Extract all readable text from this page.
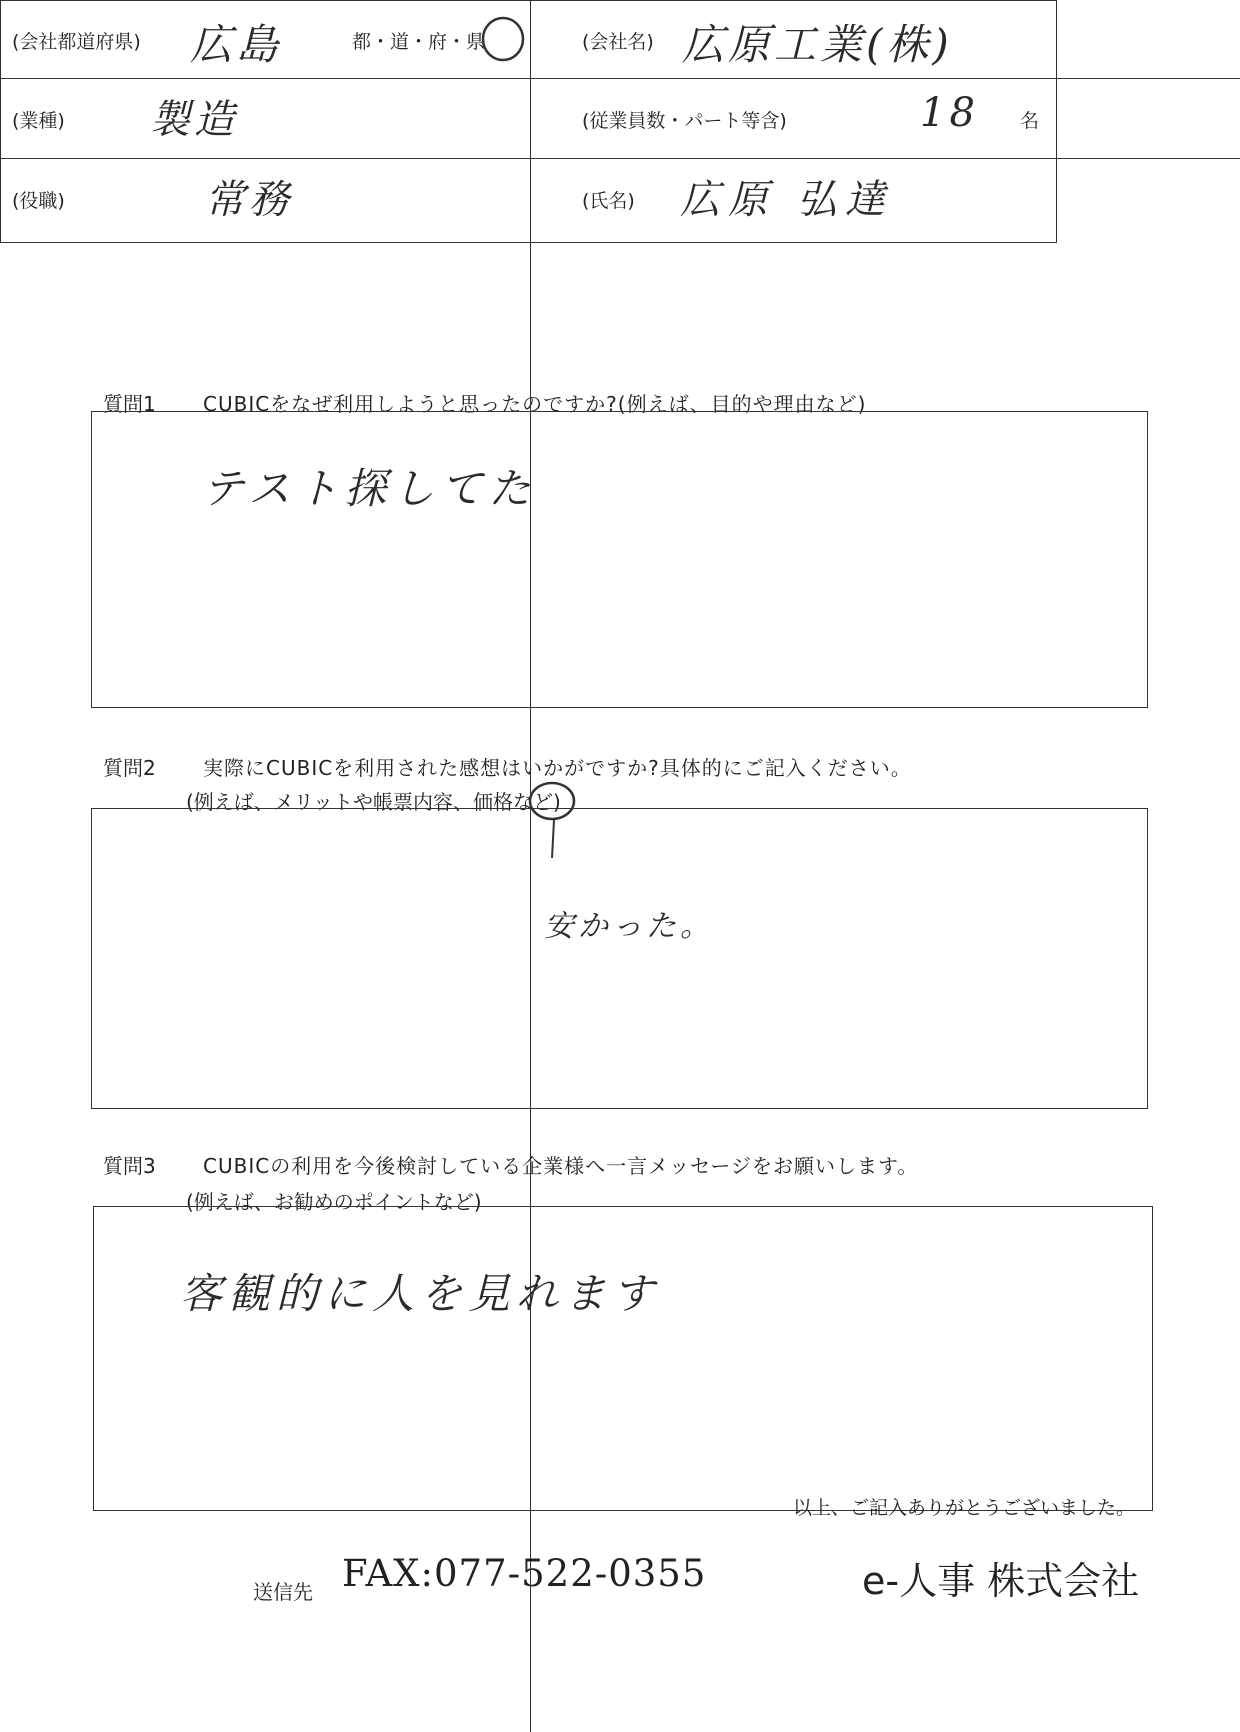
(会社都道府県) 広島	都・道・府・県	(会社名) 広原工業(株)
(業種) 製造	(従業員数・パート等含)	18 名
(役職)	常務	(氏名) 広原 弘達
質問1 CUBICをなぜ利用しようと思ったのですか?(例えば、目的や理由など)
テスト探してた
質問2 実際にCUBICを利用された感想はいかがですか?具体的にご記入ください。
(例えば、メリットや帳票内容、価格など)
安かった。
質問3 CUBICの利用を今後検討している企業様へ一言メッセージをお願いします。
(例えば、お勧めのポイントなど)
客観的に人を見れます
以上、ご記入ありがとうございました。
送信先 FAX:077-522-0355	e-人事 株式会社
